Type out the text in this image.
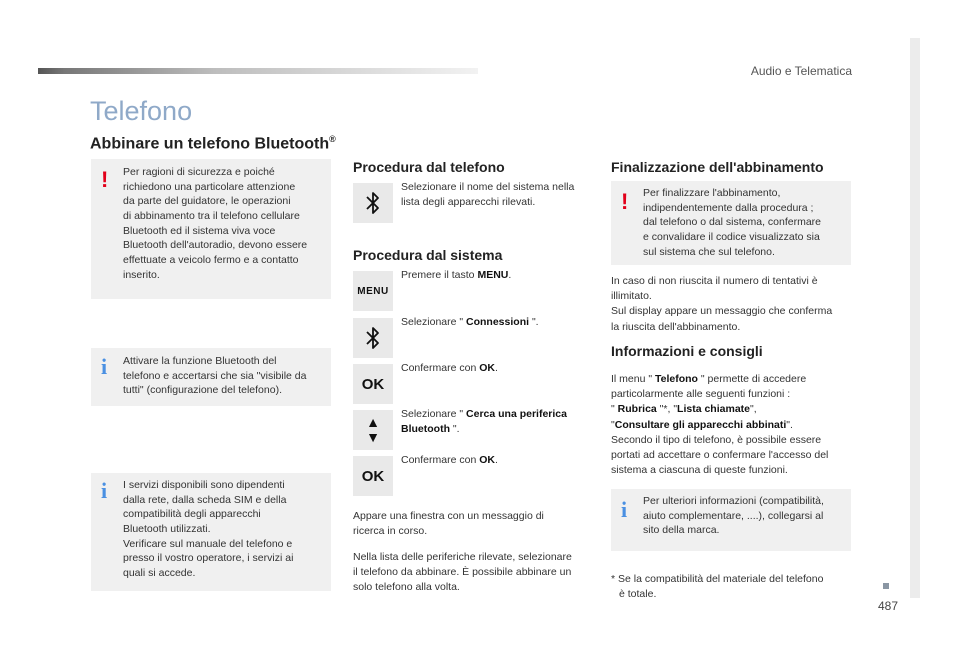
Audio e Telematica
487
Telefono
Abbinare un telefono Bluetooth®
! Per ragioni di sicurezza e poiché
richiedono una particolare attenzione
da parte del guidatore, le operazioni
di abbinamento tra il telefono cellulare
Bluetooth ed il sistema viva voce
Bluetooth dell'autoradio, devono essere
effettuate a veicolo fermo e a contatto
inserito.
i Attivare la funzione Bluetooth del
telefono e accertarsi che sia "visibile da
tutti" (configurazione del telefono).
i I servizi disponibili sono dipendenti
dalla rete, dalla scheda SIM e della
compatibilità degli apparecchi
Bluetooth utilizzati.
Verificare sul manuale del telefono e
presso il vostro operatore, i servizi ai
quali si accede.
Procedura dal telefono
Selezionare il nome del sistema nella
lista degli apparecchi rilevati.
Procedura dal sistema
MENU
Premere il tasto MENU.
Selezionare " Connessioni ".
OK
Confermare con OK.
▲
▼
Selezionare " Cerca una periferica
Bluetooth ".
OK
Confermare con OK.
Appare una finestra con un messaggio di
ricerca in corso.
Nella lista delle periferiche rilevate, selezionare
il telefono da abbinare. È possibile abbinare un
solo telefono alla volta.
Finalizzazione dell'abbinamento
! Per finalizzare l'abbinamento,
indipendentemente dalla procedura ;
dal telefono o dal sistema, confermare
e convalidare il codice visualizzato sia
sul sistema che sul telefono.
In caso di non riuscita il numero di tentativi è
illimitato.
Sul display appare un messaggio che conferma
la riuscita dell'abbinamento.
Informazioni e consigli
Il menu " Telefono " permette di accedere
particolarmente alle seguenti funzioni :
" Rubrica "*, "Lista chiamate",
"Consultare gli apparecchi abbinati".
Secondo il tipo di telefono, è possibile essere
portati ad accettare o confermare l'accesso del
sistema a ciascuna di queste funzioni.
i Per ulteriori informazioni (compatibilità,
aiuto complementare, ....), collegarsi al
sito della marca.
* Se la compatibilità del materiale del telefono
è totale.
